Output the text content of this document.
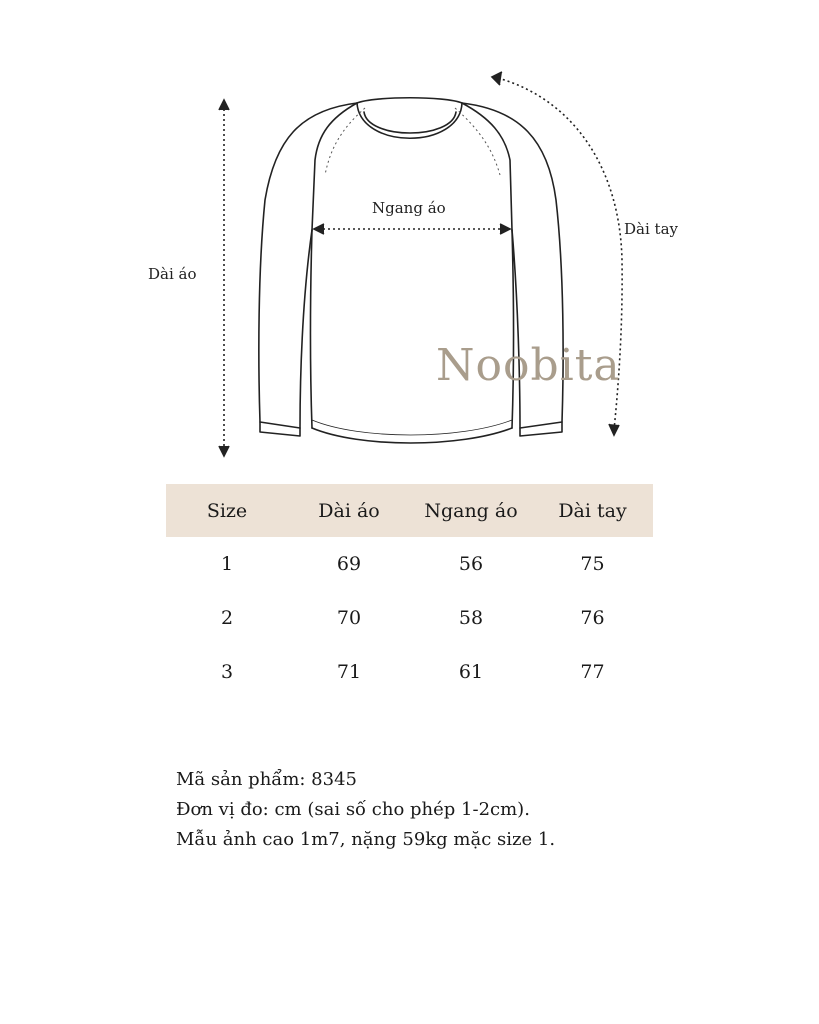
Dài áo
Ngang áo
Dài tay
Noobita
Size	Dài áo	Ngang áo	Dài tay
1	69	56	75
2	70	58	76
3	71	61	77
Mã sản phẩm: 8345
Đơn vị đo: cm (sai số cho phép 1-2cm).
Mẫu ảnh cao 1m7, nặng 59kg mặc size 1.
